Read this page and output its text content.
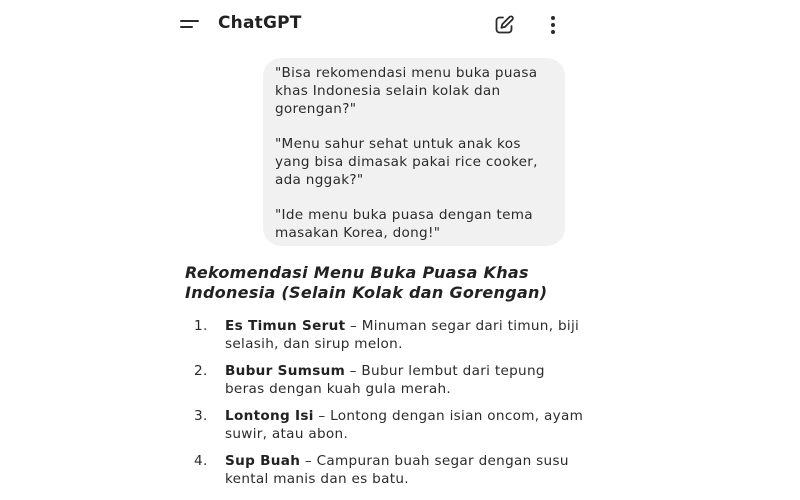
ChatGPT

"Bisa rekomendasi menu buka puasa khas Indonesia selain kolak dan gorengan?"

"Menu sahur sehat untuk anak kos yang bisa dimasak pakai rice cooker, ada nggak?"

"Ide menu buka puasa dengan tema masakan Korea, dong!"

Rekomendasi Menu Buka Puasa Khas Indonesia (Selain Kolak dan Gorengan)
1. Es Timun Serut – Minuman segar dari timun, biji selasih, dan sirup melon.
2. Bubur Sumsum – Bubur lembut dari tepung beras dengan kuah gula merah.
3. Lontong Isi – Lontong dengan isian oncom, ayam suwir, atau abon.
4. Sup Buah – Campuran buah segar dengan susu kental manis dan es batu.
